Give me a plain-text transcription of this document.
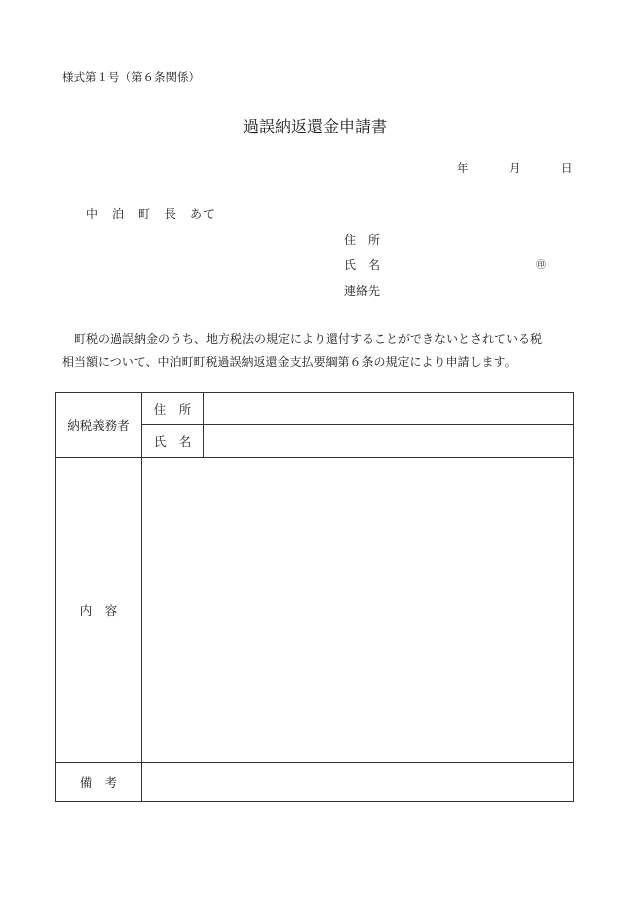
様式第１号（第６条関係）
過誤納返還金申請書
年	月	日
中　泊　町　長　あて
住　所
氏　名	㊞
連絡先
町税の過誤納金のうち、地方税法の規定により還付することができないとされている税
相当額について、中泊町町税過誤納返還金支払要綱第６条の規定により申請します。
納税義務者	住　所	
	氏　名	
内　容		
備　考		
